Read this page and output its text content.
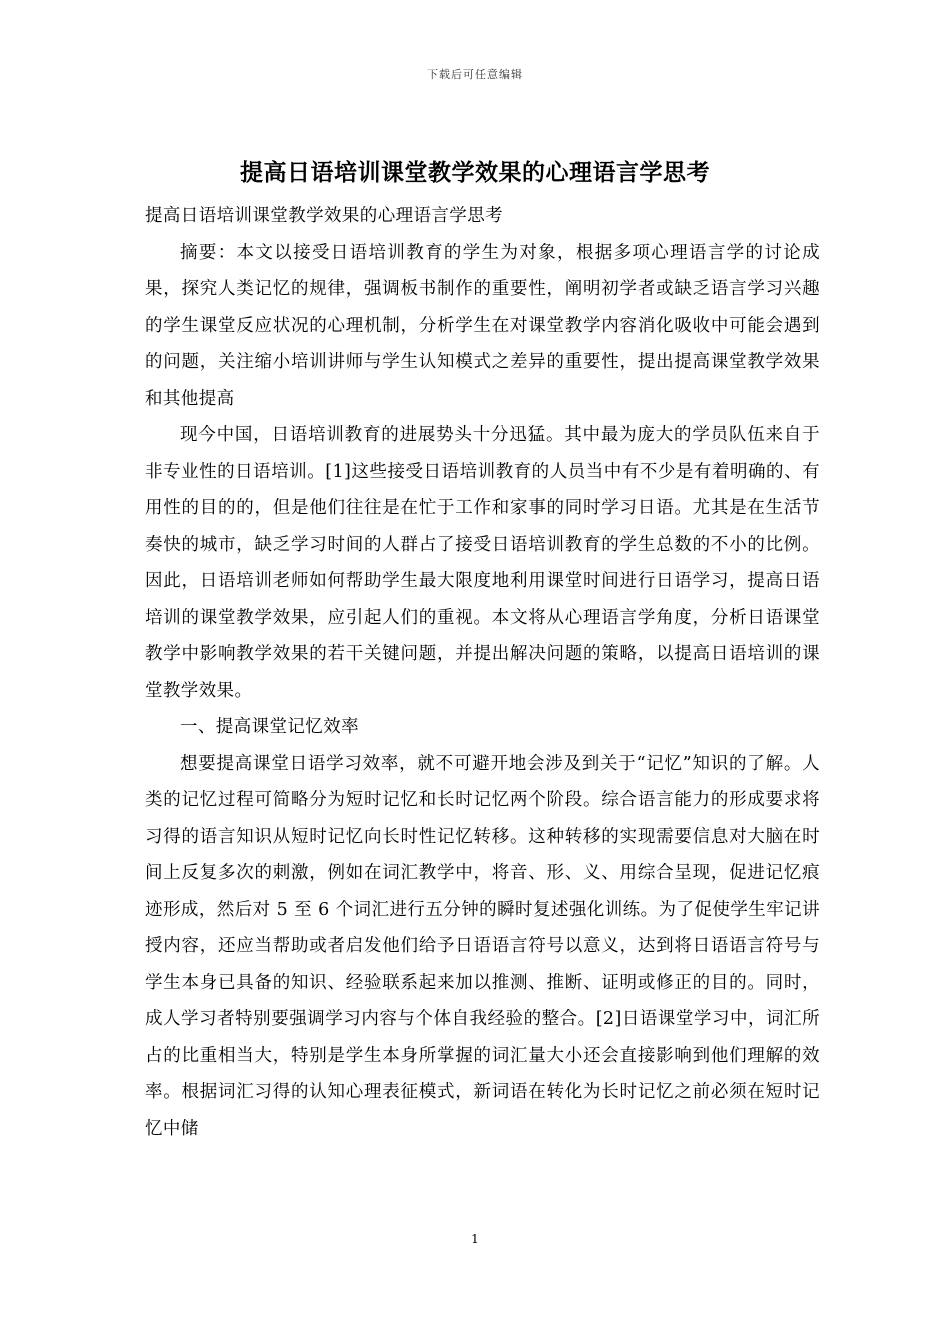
下载后可任意编辑
提高日语培训课堂教学效果的心理语言学思考

提高日语培训课堂教学效果的心理语言学思考

摘要：本文以接受日语培训教育的学生为对象，根据多项心理语言学的讨论成果，探究人类记忆的规律，强调板书制作的重要性，阐明初学者或缺乏语言学习兴趣的学生课堂反应状况的心理机制，分析学生在对课堂教学内容消化吸收中可能会遇到的问题，关注缩小培训讲师与学生认知模式之差异的重要性，提出提高课堂教学效果和其他提高

现今中国，日语培训教育的进展势头十分迅猛。其中最为庞大的学员队伍来自于非专业性的日语培训。[1]这些接受日语培训教育的人员当中有不少是有着明确的、有用性的目的的，但是他们往往是在忙于工作和家事的同时学习日语。尤其是在生活节奏快的城市，缺乏学习时间的人群占了接受日语培训教育的学生总数的不小的比例。因此，日语培训老师如何帮助学生最大限度地利用课堂时间进行日语学习，提高日语培训的课堂教学效果，应引起人们的重视。本文将从心理语言学角度，分析日语课堂教学中影响教学效果的若干关键问题，并提出解决问题的策略，以提高日语培训的课堂教学效果。

一、提高课堂记忆效率

想要提高课堂日语学习效率，就不可避开地会涉及到关于“记忆”知识的了解。人类的记忆过程可简略分为短时记忆和长时记忆两个阶段。综合语言能力的形成要求将习得的语言知识从短时记忆向长时性记忆转移。这种转移的实现需要信息对大脑在时间上反复多次的刺激，例如在词汇教学中，将音、形、义、用综合呈现，促进记忆痕迹形成，然后对 5 至 6 个词汇进行五分钟的瞬时复述强化训练。为了促使学生牢记讲授内容，还应当帮助或者启发他们给予日语语言符号以意义，达到将日语语言符号与学生本身已具备的知识、经验联系起来加以推测、推断、证明或修正的目的。同时，成人学习者特别要强调学习内容与个体自我经验的整合。[2]日语课堂学习中，词汇所占的比重相当大，特别是学生本身所掌握的词汇量大小还会直接影响到他们理解的效率。根据词汇习得的认知心理表征模式，新词语在转化为长时记忆之前必须在短时记忆中储

1
